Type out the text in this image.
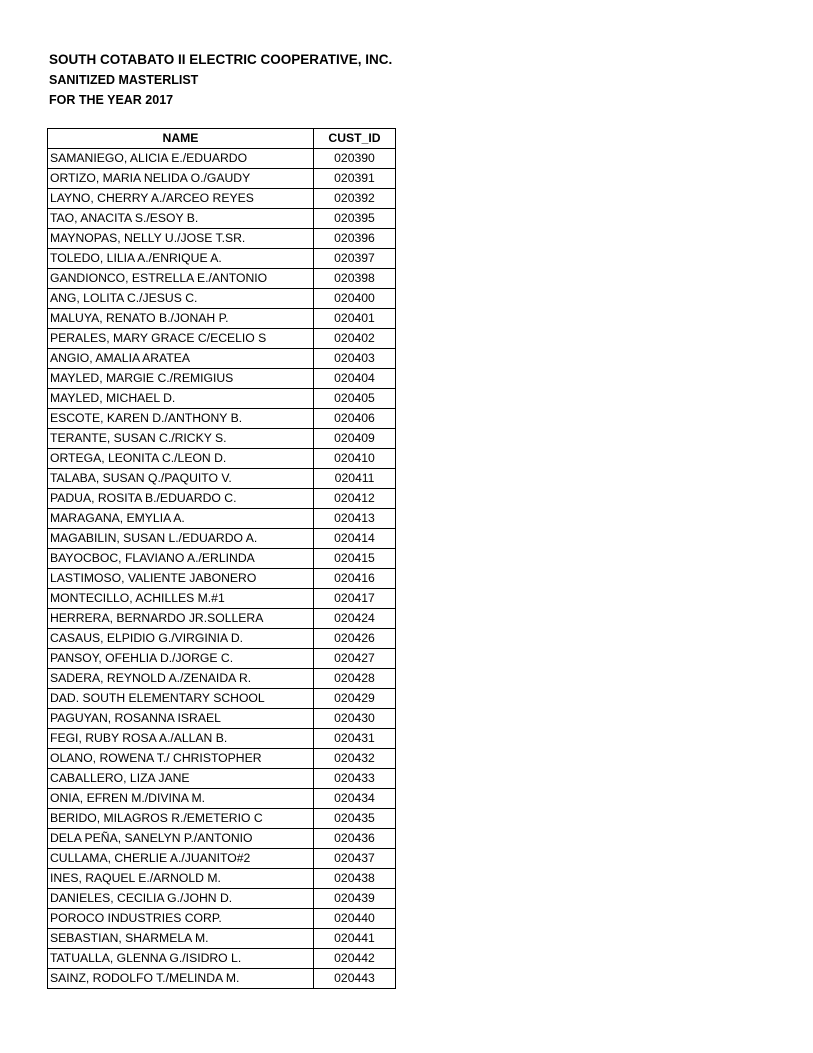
SOUTH COTABATO II ELECTRIC COOPERATIVE, INC.
SANITIZED MASTERLIST
FOR THE YEAR 2017
NAME	CUST_ID
SAMANIEGO, ALICIA E./EDUARDO	020390
ORTIZO, MARIA NELIDA O./GAUDY	020391
LAYNO, CHERRY A./ARCEO REYES	020392
TAO, ANACITA S./ESOY B.	020395
MAYNOPAS, NELLY U./JOSE T.SR.	020396
TOLEDO, LILIA A./ENRIQUE A.	020397
GANDIONCO, ESTRELLA E./ANTONIO	020398
ANG, LOLITA C./JESUS C.	020400
MALUYA, RENATO B./JONAH P.	020401
PERALES, MARY GRACE C/ECELIO S	020402
ANGIO, AMALIA ARATEA	020403
MAYLED, MARGIE C./REMIGIUS	020404
MAYLED, MICHAEL D.	020405
ESCOTE, KAREN D./ANTHONY B.	020406
TERANTE, SUSAN C./RICKY S.	020409
ORTEGA, LEONITA C./LEON D.	020410
TALABA, SUSAN Q./PAQUITO V.	020411
PADUA, ROSITA B./EDUARDO C.	020412
MARAGANA, EMYLIA A.	020413
MAGABILIN, SUSAN L./EDUARDO A.	020414
BAYOCBOC, FLAVIANO A./ERLINDA	020415
LASTIMOSO, VALIENTE JABONERO	020416
MONTECILLO, ACHILLES M.#1	020417
HERRERA, BERNARDO JR.SOLLERA	020424
CASAUS, ELPIDIO G./VIRGINIA D.	020426
PANSOY, OFEHLIA D./JORGE C.	020427
SADERA, REYNOLD A./ZENAIDA R.	020428
DAD. SOUTH ELEMENTARY SCHOOL	020429
PAGUYAN, ROSANNA ISRAEL	020430
FEGI, RUBY ROSA A./ALLAN B.	020431
OLANO, ROWENA T./ CHRISTOPHER	020432
CABALLERO, LIZA JANE	020433
ONIA, EFREN M./DIVINA M.	020434
BERIDO, MILAGROS R./EMETERIO C	020435
DELA PEÑA, SANELYN P./ANTONIO	020436
CULLAMA, CHERLIE A./JUANITO#2	020437
INES, RAQUEL E./ARNOLD M.	020438
DANIELES, CECILIA G./JOHN D.	020439
POROCO INDUSTRIES CORP.	020440
SEBASTIAN, SHARMELA M.	020441
TATUALLA, GLENNA G./ISIDRO L.	020442
SAINZ, RODOLFO T./MELINDA M.	020443
